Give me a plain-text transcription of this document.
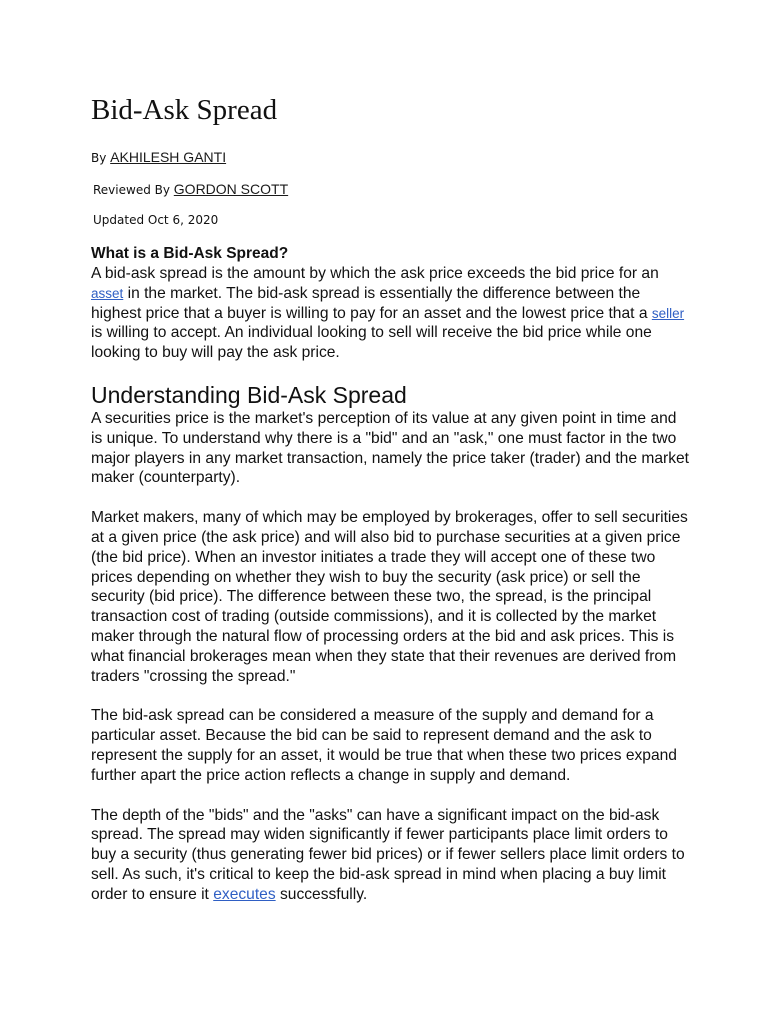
Bid-Ask Spread
By AKHILESH GANTI
Reviewed By GORDON SCOTT
Updated Oct 6, 2020
What is a Bid-Ask Spread?

A bid-ask spread is the amount by which the ask price exceeds the bid price for an asset in the market. The bid-ask spread is essentially the difference between the highest price that a buyer is willing to pay for an asset and the lowest price that a seller is willing to accept. An individual looking to sell will receive the bid price while one looking to buy will pay the ask price.

Understanding Bid-Ask Spread

A securities price is the market's perception of its value at any given point in time and is unique. To understand why there is a "bid" and an "ask," one must factor in the two major players in any market transaction, namely the price taker (trader) and the market maker (counterparty).

Market makers, many of which may be employed by brokerages, offer to sell securities at a given price (the ask price) and will also bid to purchase securities at a given price (the bid price). When an investor initiates a trade they will accept one of these two prices depending on whether they wish to buy the security (ask price) or sell the security (bid price). The difference between these two, the spread, is the principal transaction cost of trading (outside commissions), and it is collected by the market maker through the natural flow of processing orders at the bid and ask prices. This is what financial brokerages mean when they state that their revenues are derived from traders "crossing the spread."

The bid-ask spread can be considered a measure of the supply and demand for a particular asset. Because the bid can be said to represent demand and the ask to represent the supply for an asset, it would be true that when these two prices expand further apart the price action reflects a change in supply and demand.

The depth of the "bids" and the "asks" can have a significant impact on the bid-ask spread. The spread may widen significantly if fewer participants place limit orders to buy a security (thus generating fewer bid prices) or if fewer sellers place limit orders to sell. As such, it's critical to keep the bid-ask spread in mind when placing a buy limit order to ensure it executes successfully.
